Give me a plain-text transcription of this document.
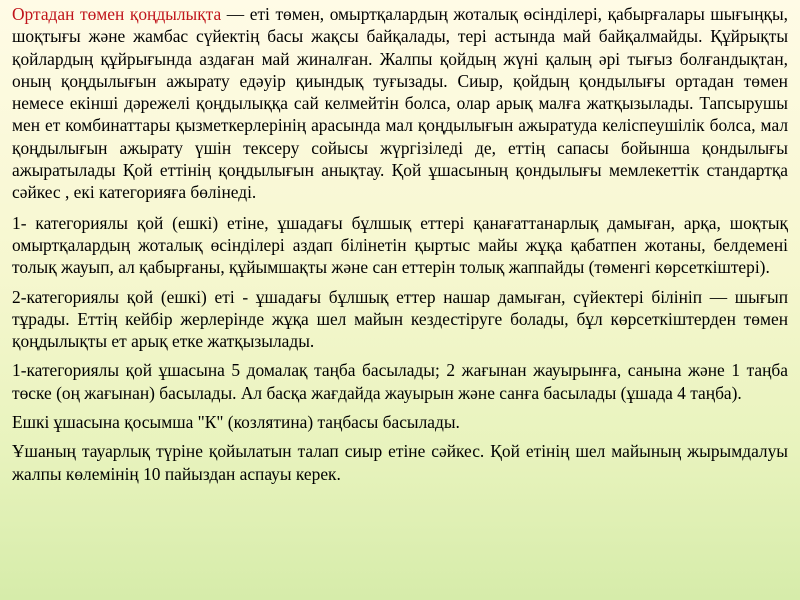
Ортадан төмен қоңдылықта — еті төмен, омыртқалардың жоталық өсінділері, қабырғалары шығыңқы, шоқтығы және жамбас сүйектің басы жақсы байқалады, тері астында май байқалмайды. Құйрықты қойлардың құйрығында аздаған май жиналған. Жалпы қойдың жүні қалың әрі тығыз болғандықтан, оның қоңдылығын ажырату едәуір қиындық туғызады. Сиыр, қойдың қондылығы ортадан төмен немесе екінші дәрежелі қоңдылыққа сай келмейтін болса, олар арық малға жатқызылады. Тапсырушы мен ет комбинаттары қызметкерлерінің арасында мал қоңдылығын ажыратуда келіспеушілік болса, мал қоңдылығын ажырату үшін тексеру сойысы жүргізіледі де, еттің сапасы бойынша қондылығы ажыратылады Қой еттінің қоңдылығын анықтау. Қой ұшасының қондылығы мемлекеттік стандартқа сәйкес , екі категорияға бөлінеді.

1- категориялы қой (ешкі) етіне, ұшадағы бұлшық еттері қанағаттанарлық дамыған, арқа, шоқтық омыртқалардың жоталық өсінділері аздап білінетін қыртыс майы жұқа қабатпен жотаны, белдемені толық жауып, ал қабырғаны, құйымшақты және сан еттерін толық жаппайды (төменгі көрсеткіштері).

2-категориялы қой (ешкі) еті - ұшадағы бұлшық еттер нашар дамыған, сүйектері білініп — шығып тұрады. Еттің кейбір жерлерінде жұқа шел майын кездестіруге болады, бұл көрсеткіштерден төмен қоңдылықты ет арық етке жатқызылады.

1-категориялы қой ұшасына 5 домалақ таңба басылады; 2 жағынан жауырынға, санына және 1 таңба төске (оң жағынан) басылады. Ал басқа жағдайда жауырын және санға басылады (ұшада 4 таңба).

Ешкі ұшасына қосымша "К" (козлятина) таңбасы басылады.

Ұшаның тауарлық түріне қойылатын талап сиыр етіне сәйкес. Қой етінің шел майының жырымдалуы жалпы көлемінің 10 пайыздан аспауы керек.
